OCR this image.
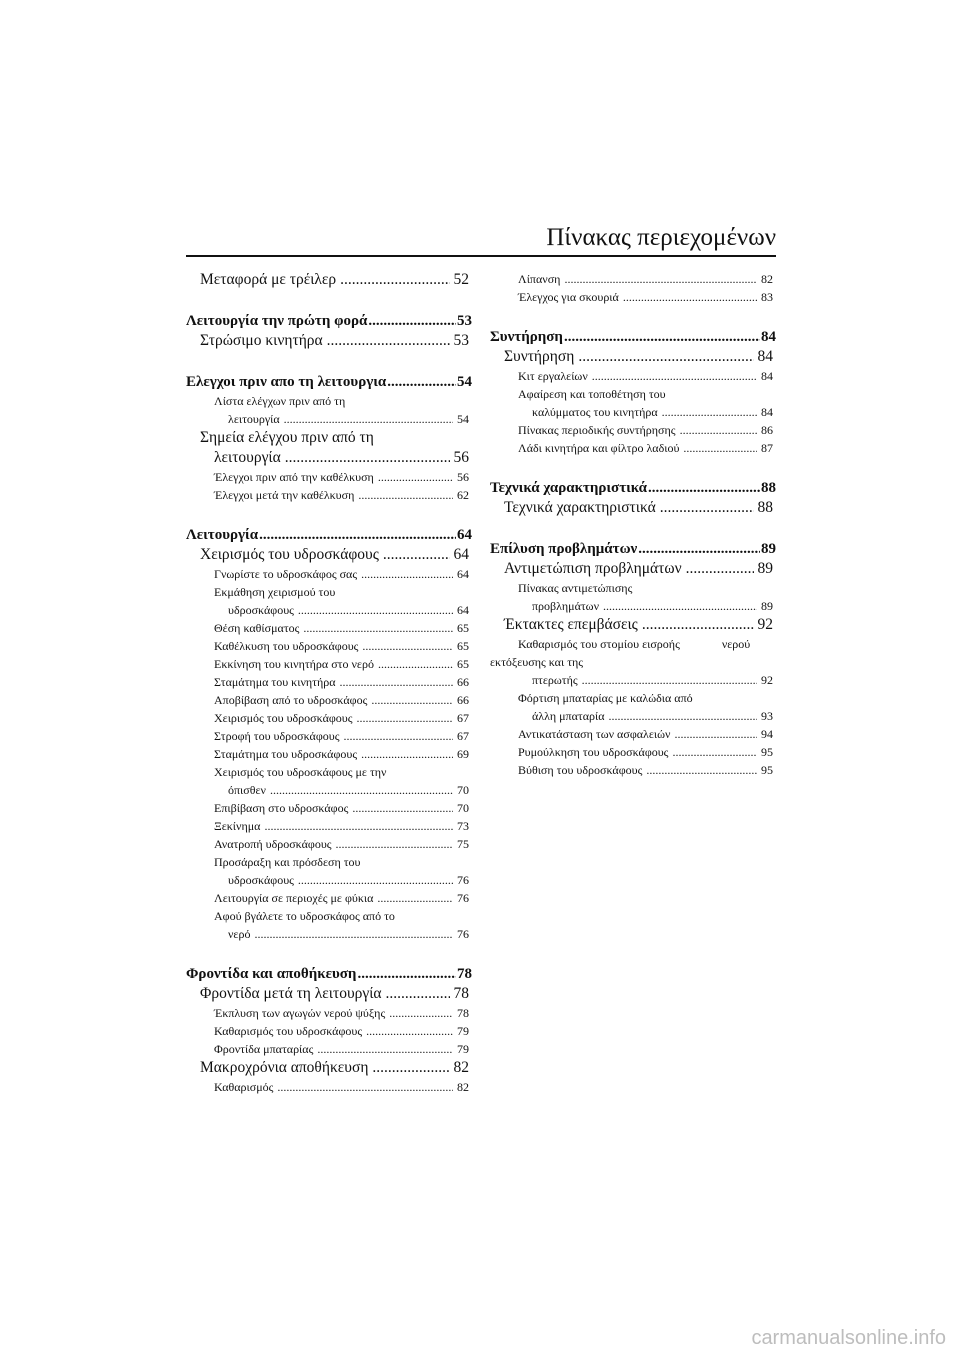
Πίνακας περιεχομένων
Μεταφορά με τρέιλερ .....	52
Λειτουργία την πρώτη φορά .....	53
Στρώσιμο κινητήρα .....	53
Ελεγχοι πριν απο τη λειτουργια .....	54
Λίστα ελέγχων πριν από τη
λειτουργία .....	54
Σημεία ελέγχου πριν από τη
λειτουργία .....	56
Έλεγχοι πριν από την καθέλκυση .....	56
Έλεγχοι μετά την καθέλκυση .....	62
Λειτουργία .....	64
Χειρισμός του υδροσκάφους .....	64
Γνωρίστε το υδροσκάφος σας .....	64
Εκμάθηση χειρισμού του
υδροσκάφους .....	64
Θέση καθίσματος .....	65
Καθέλκυση του υδροσκάφους .....	65
Εκκίνηση του κινητήρα στο νερό .....	65
Σταμάτημα του κινητήρα .....	66
Αποβίβαση από το υδροσκάφος .....	66
Χειρισμός του υδροσκάφους .....	67
Στροφή του υδροσκάφους .....	67
Σταμάτημα του υδροσκάφους .....	69
Χειρισμός του υδροσκάφους με την
όπισθεν .....	70
Επιβίβαση στο υδροσκάφος .....	70
Ξεκίνημα .....	73
Ανατροπή υδροσκάφους .....	75
Προσάραξη και πρόσδεση του
υδροσκάφους .....	76
Λειτουργία σε περιοχές με φύκια .....	76
Αφού βγάλετε το υδροσκάφος από το
νερό .....	76
Φροντίδα και αποθήκευση .....	78
Φροντίδα μετά τη λειτουργία .....	78
Έκπλυση των αγωγών νερού ψύξης .....	78
Καθαρισμός του υδροσκάφους .....	79
Φροντίδα μπαταρίας .....	79
Μακροχρόνια αποθήκευση .....	82
Καθαρισμός .....	82
Λίπανση .....	82
Έλεγχος για σκουριά .....	83
Συντήρηση .....	84
Συντήρηση .....	84
Κιτ εργαλείων .....	84
Αφαίρεση και τοποθέτηση του
καλύμματος του κινητήρα .....	84
Πίνακας περιοδικής συντήρησης .....	86
Λάδι κινητήρα και φίλτρο λαδιού .....	87
Τεχνικά χαρακτηριστικά .....	88
Τεχνικά χαρακτηριστικά .....	88
Επίλυση προβλημάτων .....	89
Αντιμετώπιση προβλημάτων .....	89
Πίνακας αντιμετώπισης
προβλημάτων .....	89
Έκτακτες επεμβάσεις .....	92
Καθαρισμός του στομίου εισροής	νερού εκτόξευσης και της
πτερωτής .....	92
Φόρτιση μπαταρίας με καλώδια από
άλλη μπαταρία .....	93
Αντικατάσταση των ασφαλειών .....	94
Ρυμούλκηση του υδροσκάφους .....	95
Βύθιση του υδροσκάφους .....	95
carmanualsonline.info
